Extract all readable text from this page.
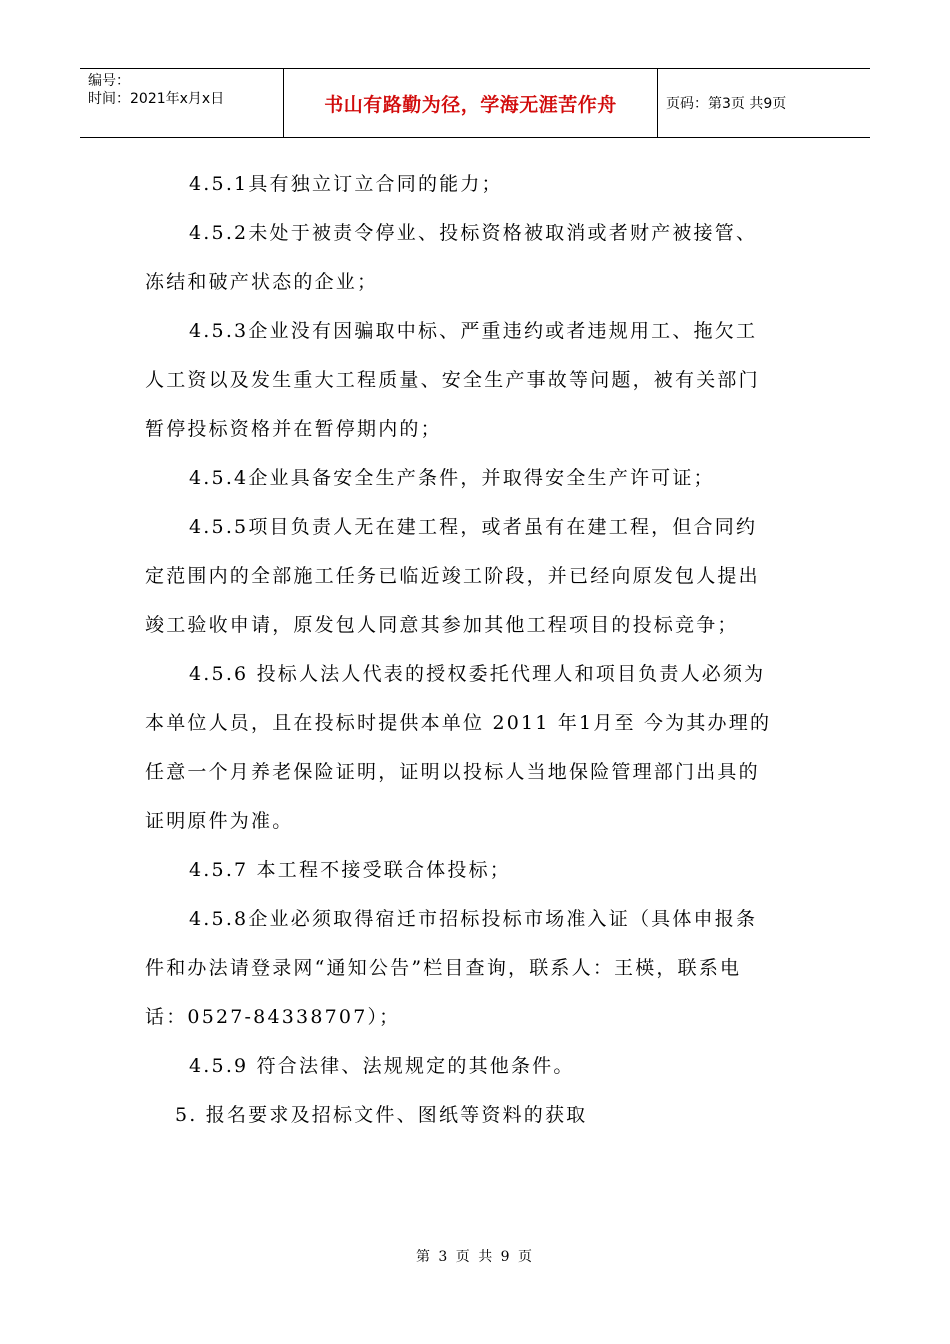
编号：
时间：2021年x月x日	书山有路勤为径，学海无涯苦作舟	页码：第3页 共9页

4.5.1具有独立订立合同的能力；

4.5.2未处于被责令停业、投标资格被取消或者财产被接管、

冻结和破产状态的企业；

4.5.3企业没有因骗取中标、严重违约或者违规用工、拖欠工

人工资以及发生重大工程质量、安全生产事故等问题，被有关部门

暂停投标资格并在暂停期内的；

4.5.4企业具备安全生产条件，并取得安全生产许可证；

4.5.5项目负责人无在建工程，或者虽有在建工程，但合同约

定范围内的全部施工任务已临近竣工阶段，并已经向原发包人提出

竣工验收申请，原发包人同意其参加其他工程项目的投标竞争；

4.5.6 投标人法人代表的授权委托代理人和项目负责人必须为

本单位人员，且在投标时提供本单位 2011 年1月至 今为其办理的

任意一个月养老保险证明，证明以投标人当地保险管理部门出具的

证明原件为准。

4.5.7 本工程不接受联合体投标；

4.5.8企业必须取得宿迁市招标投标市场准入证（具体申报条

件和办法请登录网“通知公告”栏目查询，联系人：王楧，联系电

话：0527-84338707）；

4.5.9 符合法律、法规规定的其他条件。

5. 报名要求及招标文件、图纸等资料的获取

第 3 页 共 9 页
